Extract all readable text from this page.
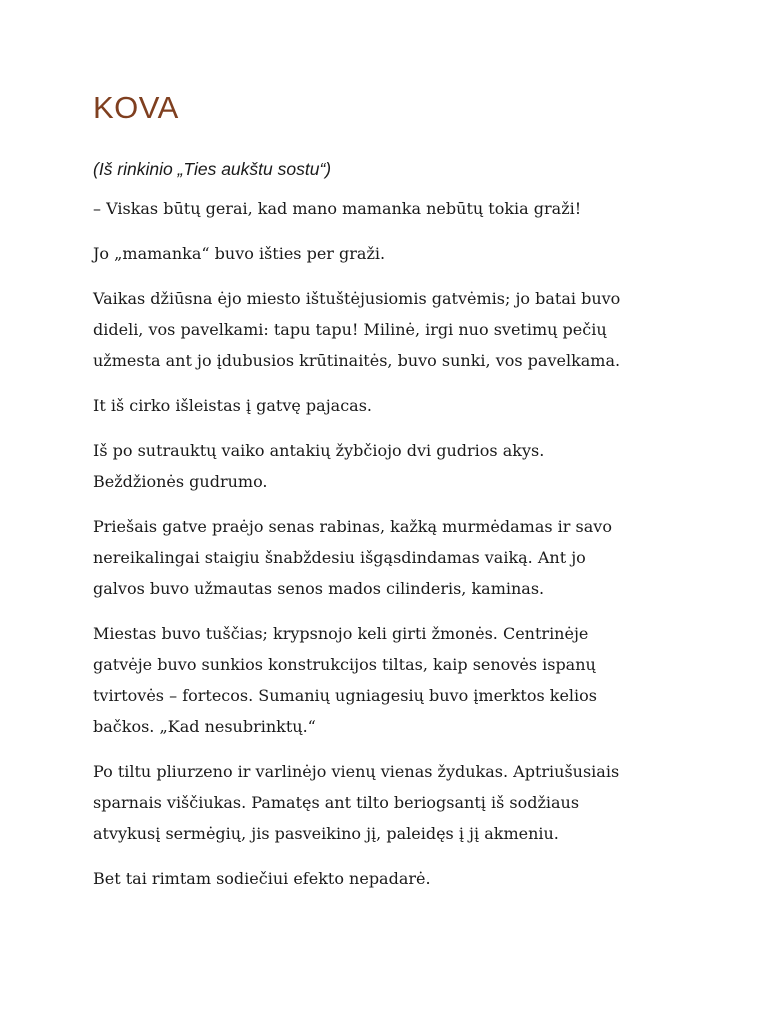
KOVA

(Iš rinkinio „Ties aukštu sostu“)

– Viskas būtų gerai, kad mano mamanka nebūtų tokia graži!

Jo „mamanka“ buvo išties per graži.

Vaikas džiūsna ėjo miesto ištuštėjusiomis gatvėmis; jo batai buvo
dideli, vos pavelkami: tapu tapu! Milinė, irgi nuo svetimų pečių
užmesta ant jo įdubusios krūtinaitės, buvo sunki, vos pavelkama.

It iš cirko išleistas į gatvę pajacas.

Iš po sutrauktų vaiko antakių žybčiojo dvi gudrios akys.
Beždžionės gudrumo.

Priešais gatve praėjo senas rabinas, kažką murmėdamas ir savo
nereikalingai staigiu šnabždesiu išgąsdindamas vaiką. Ant jo
galvos buvo užmautas senos mados cilinderis, kaminas.

Miestas buvo tuščias; krypsnojo keli girti žmonės. Centrinėje
gatvėje buvo sunkios konstrukcijos tiltas, kaip senovės ispanų
tvirtovės – fortecos. Sumanių ugniagesių buvo įmerktos kelios
bačkos. „Kad nesubrinktų.“

Po tiltu pliurzeno ir varlinėjo vienų vienas žydukas. Aptriušusiais
sparnais viščiukas. Pamatęs ant tilto beriogsantį iš sodžiaus
atvykusį sermėgių, jis pasveikino jį, paleidęs į jį akmeniu.

Bet tai rimtam sodiečiui efekto nepadarė.
